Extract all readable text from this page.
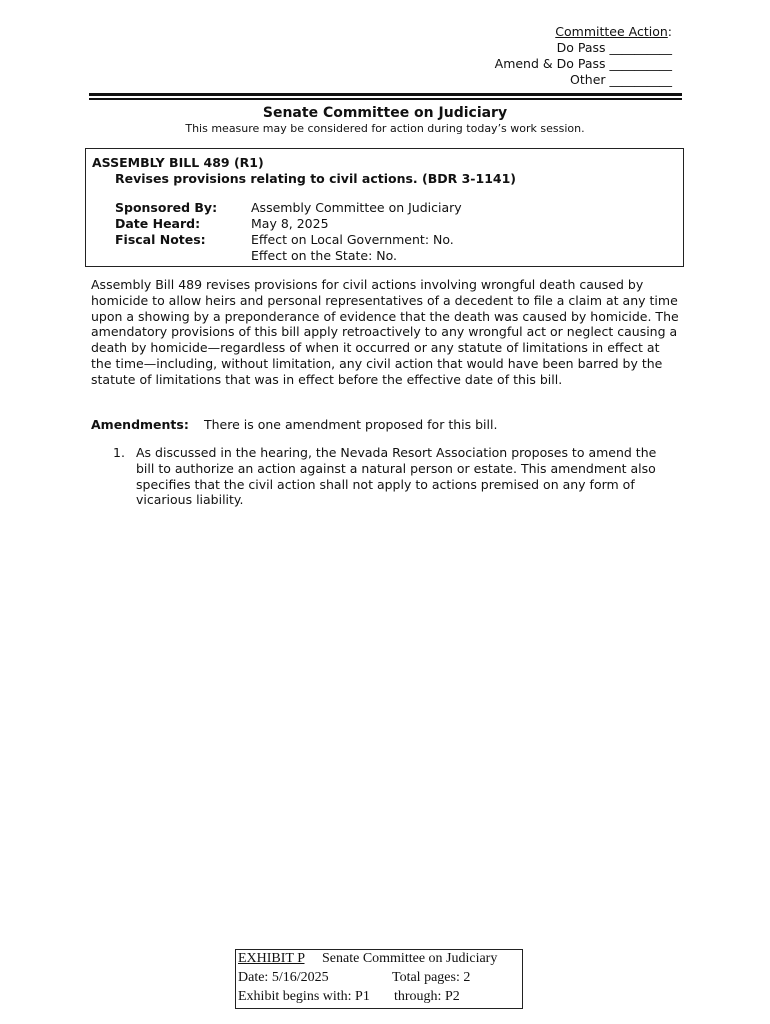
Committee Action:
Do Pass __________
Amend & Do Pass __________
Other __________
Senate Committee on Judiciary
This measure may be considered for action during today’s work session.
ASSEMBLY BILL 489 (R1)
Revises provisions relating to civil actions. (BDR 3-1141)
Sponsored By:	Assembly Committee on Judiciary
Date Heard:	May 8, 2025
Fiscal Notes:	Effect on Local Government: No.
Effect on the State: No.
Assembly Bill 489 revises provisions for civil actions involving wrongful death caused by homicide to allow heirs and personal representatives of a decedent to file a claim at any time upon a showing by a preponderance of evidence that the death was caused by homicide. The amendatory provisions of this bill apply retroactively to any wrongful act or neglect causing a death by homicide—regardless of when it occurred or any statute of limitations in effect at the time—including, without limitation, any civil action that would have been barred by the statute of limitations that was in effect before the effective date of this bill.
Amendments: There is one amendment proposed for this bill.
1. As discussed in the hearing, the Nevada Resort Association proposes to amend the bill to authorize an action against a natural person or estate. This amendment also specifies that the civil action shall not apply to actions premised on any form of vicarious liability.
EXHIBIT P Senate Committee on Judiciary
Date: 5/16/2025	Total pages: 2
Exhibit begins with: P1 through: P2
